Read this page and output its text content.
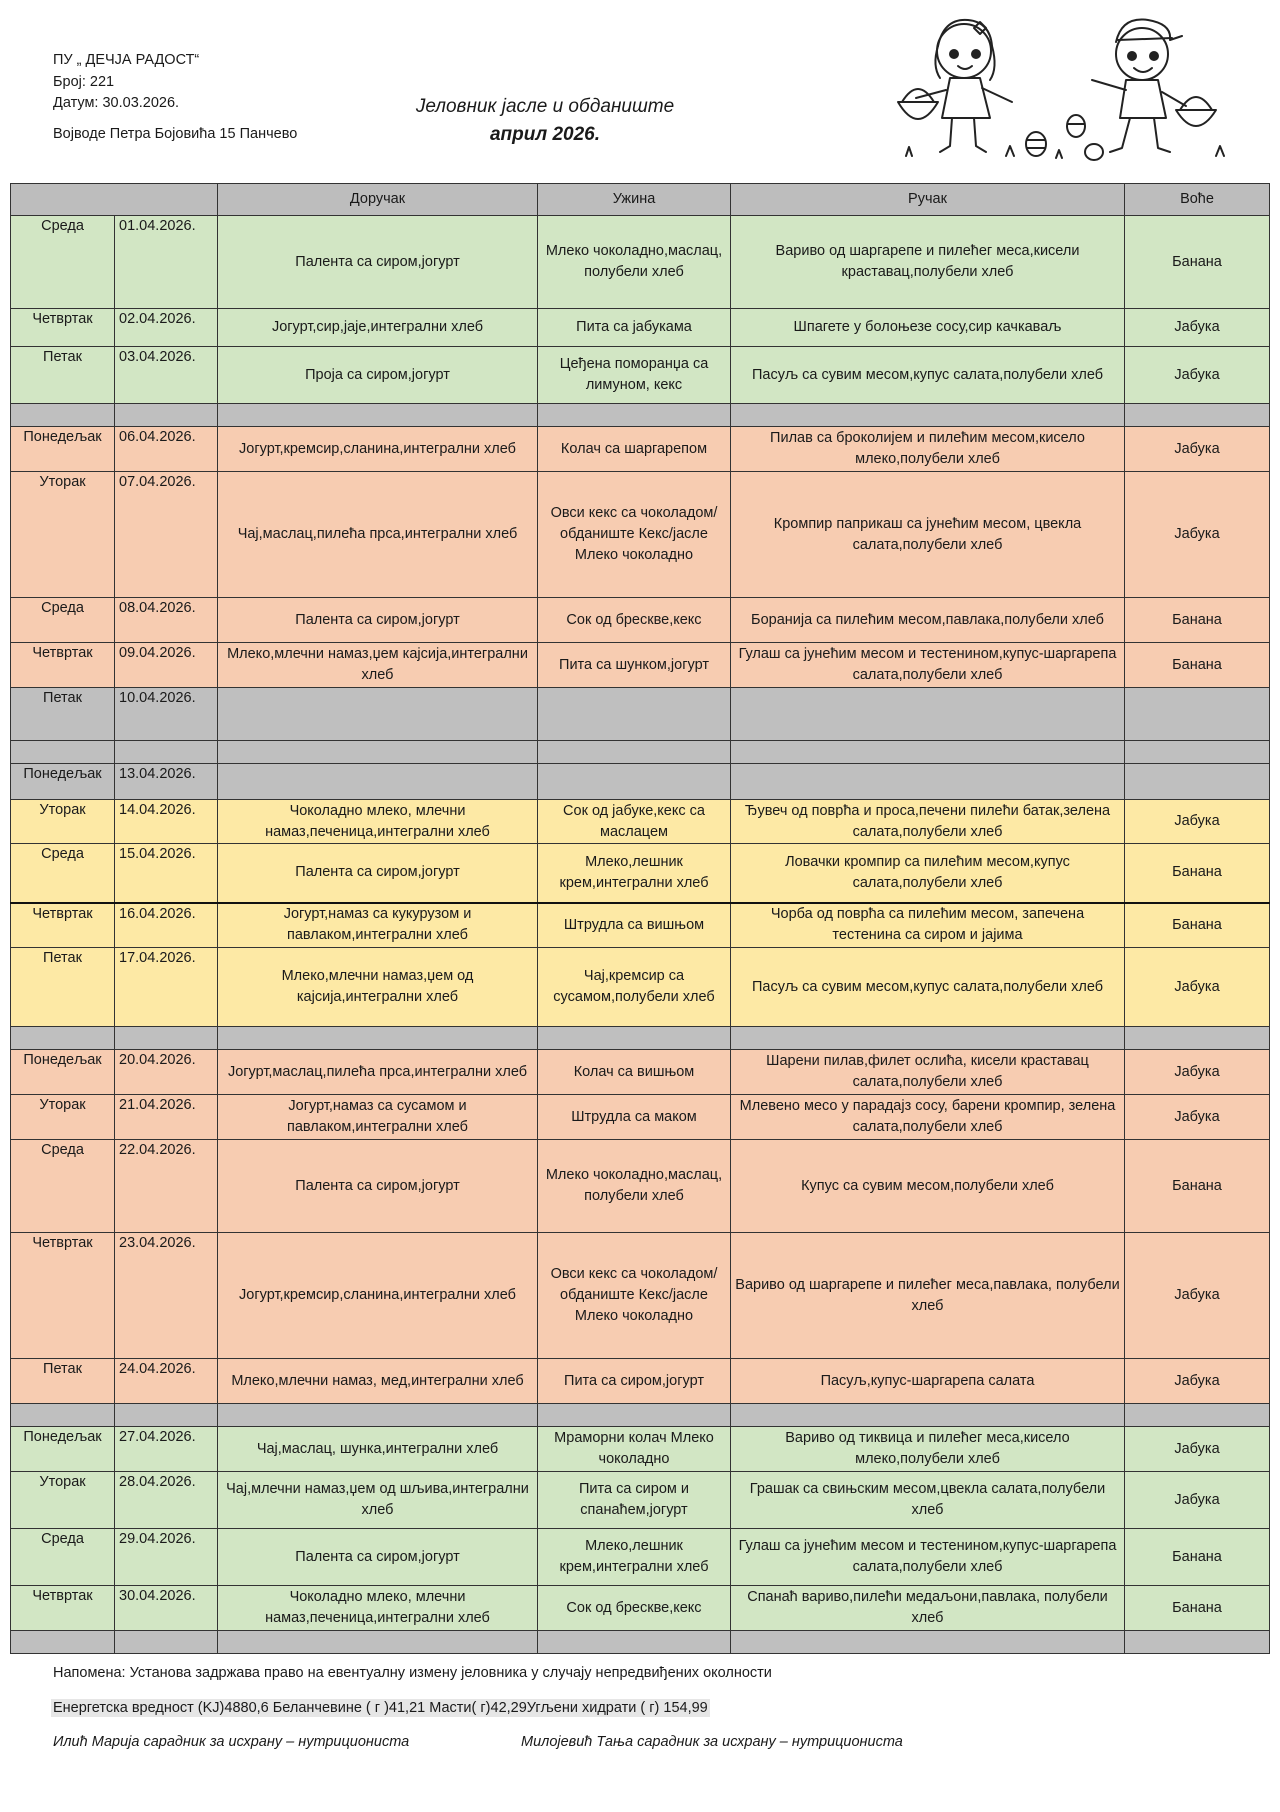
ПУ „ ДЕЧЈА РАДОСТ“
Број: 221
Датум: 30.03.2026.
Војводе Петра Бојовића 15 Панчево
Јеловник јасле и обданиште
април 2026.
		Доручак	Ужина	Ручак	Воће
Среда	01.04.2026.	Палента са сиром,јогурт	Млеко чоколадно,маслац, полубели хлеб	Вариво од шаргарепе и пилећег меса,кисели краставац,полубели хлеб	Банана
Четвртак	02.04.2026.	Јогурт,сир,јаје,интегрални хлеб	Пита са јабукама	Шпагете у болоњезе сосу,сир качкаваљ	Јабука
Петак	03.04.2026.	Проја са сиром,јогурт	Цеђена поморанџа са лимуном, кекс	Пасуљ са сувим месом,купус салата,полубели хлеб	Јабука

Понедељак	06.04.2026.	Јогурт,кремсир,сланина,интегрални хлеб	Колач са шаргарепом	Пилав са броколијем и пилећим месом,кисело млеко,полубели хлеб	Јабука
Уторак	07.04.2026.	Чај,маслац,пилећа прса,интегрални хлеб	Овси кекс са чоколадом/обданиште Кекс/јасле Млеко чоколадно	Кромпир паприкаш са јунећим месом, цвекла салата,полубели хлеб	Јабука
Среда	08.04.2026.	Палента са сиром,јогурт	Сок од брескве,кекс	Боранија са пилећим месом,павлака,полубели хлеб	Банана
Четвртак	09.04.2026.	Млеко,млечни намаз,џем кајсија,интегрални хлеб	Пита са шунком,јогурт	Гулаш са јунећим месом и тестенином,купус-шаргарепа салата,полубели хлеб	Банана
Петак	10.04.2026.				

Понедељак	13.04.2026.				
Уторак	14.04.2026.	Чоколадно млеко, млечни намаз,печеница,интегрални хлеб	Сок од јабуке,кекс са маслацем	Ђувеч од поврћа и проса,печени пилећи батак,зелена салата,полубели хлеб	Јабука
Среда	15.04.2026.	Палента са сиром,јогурт	Млеко,лешник крем,интегрални хлеб	Ловачки кромпир са пилећим месом,купус салата,полубели хлеб	Банана
Четвртак	16.04.2026.	Јогурт,намаз са кукурузом и павлаком,интегрални хлеб	Штрудла са вишњом	Чорба од поврћа са пилећим месом, запечена тестенина са сиром и јајима	Банана
Петак	17.04.2026.	Млеко,млечни намаз,џем од кајсија,интегрални хлеб	Чај,кремсир са сусамом,полубели хлеб	Пасуљ са сувим месом,купус салата,полубели хлеб	Јабука

Понедељак	20.04.2026.	Јогурт,маслац,пилећа прса,интегрални хлеб	Колач са вишњом	Шарени пилав,филет ослића, кисели краставац салата,полубели хлеб	Јабука
Уторак	21.04.2026.	Јогурт,намаз са сусамом и павлаком,интегрални хлеб	Штрудла са маком	Млевено месо у парадајз сосу, барени кромпир, зелена салата,полубели хлеб	Јабука
Среда	22.04.2026.	Палента са сиром,јогурт	Млеко чоколадно,маслац, полубели хлеб	Купус са сувим месом,полубели хлеб	Банана
Четвртак	23.04.2026.	Јогурт,кремсир,сланина,интегрални хлеб	Овси кекс са чоколадом/обданиште Кекс/јасле Млеко чоколадно	Вариво од шаргарепе и пилећег меса,павлака, полубели хлеб	Јабука
Петак	24.04.2026.	Млеко,млечни намаз, мед,интегрални хлеб	Пита са сиром,јогурт	Пасуљ,купус-шаргарепа салата	Јабука

Понедељак	27.04.2026.	Чај,маслац, шунка,интегрални хлеб	Мраморни колач Млеко чоколадно	Вариво од тиквица и пилећег меса,кисело млеко,полубели хлеб	Јабука
Уторак	28.04.2026.	Чај,млечни намаз,џем од шљива,интегрални хлеб	Пита са сиром и спанаћем,јогурт	Грашак са свињским месом,цвекла салата,полубели хлеб	Јабука
Среда	29.04.2026.	Палента са сиром,јогурт	Млеко,лешник крем,интегрални хлеб	Гулаш са јунећим месом и тестенином,купус-шаргарепа салата,полубели хлеб	Банана
Четвртак	30.04.2026.	Чоколадно млеко, млечни намаз,печеница,интегрални хлеб	Сок од брескве,кекс	Спанаћ вариво,пилећи медаљони,павлака, полубели хлеб	Банана

Напомена: Установа задржава право на евентуалну измену јеловника у случају непредвиђених околности
Енергетска вредност (KJ)4880,6 Беланчевине ( г )41,21 Масти( г)42,29Угљени хидрати ( г) 154,99
Илић Марија сарадник за исхрану – нутрициониста	Милојевић Тања сарадник за исхрану – нутрициониста
